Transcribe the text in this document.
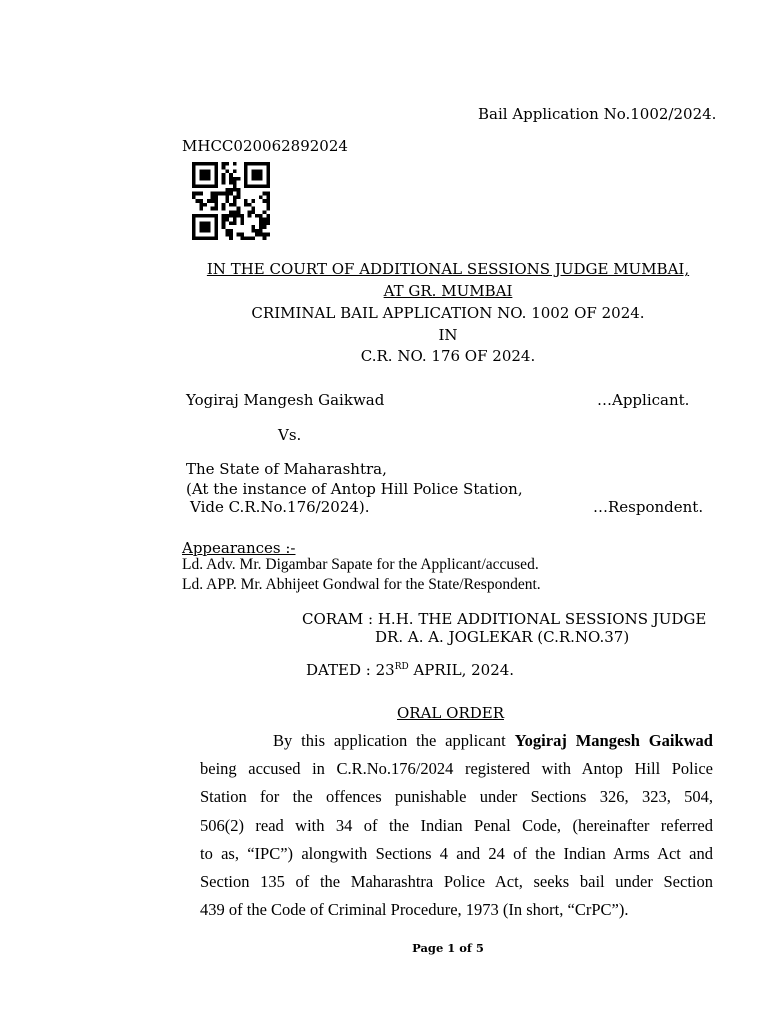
Bail Application No.1002/2024.
MHCC020062892024
IN THE COURT OF ADDITIONAL SESSIONS JUDGE MUMBAI,
AT GR. MUMBAI
CRIMINAL BAIL APPLICATION NO. 1002 OF 2024.
IN
C.R. NO. 176 OF 2024.
Yogiraj Mangesh Gaikwad	…Applicant.
Vs.
The State of Maharashtra,
(At the instance of Antop Hill Police Station,
Vide C.R.No.176/2024).	…Respondent.
Appearances :-
Ld. Adv. Mr. Digambar Sapate for the Applicant/accused.
Ld. APP. Mr. Abhijeet Gondwal for the State/Respondent.
CORAM : H.H. THE ADDITIONAL SESSIONS JUDGE
DR. A. A. JOGLEKAR (C.R.NO.37)
DATED : 23RD APRIL, 2024.
ORAL ORDER
By this application the applicant Yogiraj Mangesh Gaikwad
being accused in C.R.No.176/2024 registered with Antop Hill Police
Station for the offences punishable under Sections 326, 323, 504,
506(2) read with 34 of the Indian Penal Code, (hereinafter referred
to as, “IPC”) alongwith Sections 4 and 24 of the Indian Arms Act and
Section 135 of the Maharashtra Police Act, seeks bail under Section
439 of the Code of Criminal Procedure, 1973 (In short, “CrPC”).
Page 1 of 5
